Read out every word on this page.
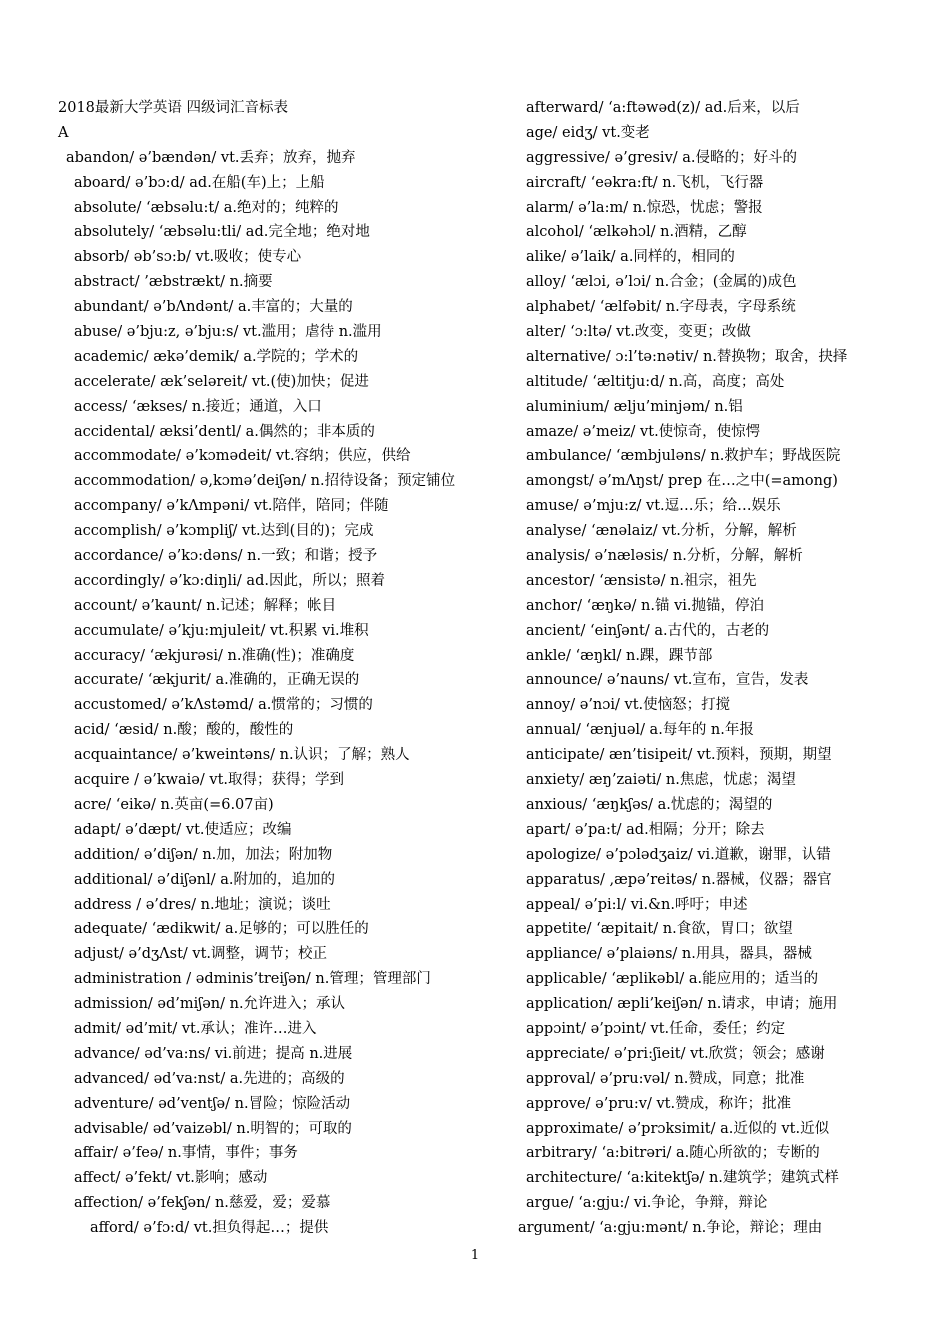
2018最新大学英语 四级词汇音标表
A
abandon/ ə’bændən/ vt.丢弃；放弃，抛弃
aboard/ ə’bɔ:d/ ad.在船(车)上；上船
absolute/ ‘æbsəlu:t/ a.绝对的；纯粹的
absolutely/ ‘æbsəlu:tli/ ad.完全地；绝对地
absorb/ əb’sɔ:b/ vt.吸收；使专心
abstract/ ’æbstrækt/ n.摘要
abundant/ ə’bΛndənt/ a.丰富的；大量的
abuse/ ə’bju:z, ə’bju:s/ vt.滥用；虐待 n.滥用
academic/ ækə’demik/ a.学院的；学术的
accelerate/ æk’seləreit/ vt.(使)加快；促进
access/ ‘ækses/ n.接近；通道，入口
accidental/ æksi’dentl/ a.偶然的；非本质的
accommodate/ ə’kɔmədeit/ vt.容纳；供应，供给
accommodation/ ə,kɔmə’deiʃən/ n.招待设备；预定铺位
accompany/ ə’kΛmpəni/ vt.陪伴，陪同；伴随
accomplish/ ə’kɔmpliʃ/ vt.达到(目的)；完成
accordance/ ə’kɔ:dəns/ n.一致；和谐；授予
accordingly/ ə’kɔ:diŋli/ ad.因此，所以；照着
account/ ə’kaunt/ n.记述；解释；帐目
accumulate/ ə’kju:mjuleit/ vt.积累 vi.堆积
accuracy/ ‘ækjurəsi/ n.准确(性)；准确度
accurate/ ‘ækjurit/ a.准确的，正确无误的
accustomed/ ə’kΛstəmd/ a.惯常的；习惯的
acid/ ‘æsid/ n.酸；酸的，酸性的
acquaintance/ ə’kweintəns/ n.认识；了解；熟人
acquire / ə’kwaiə/ vt.取得；获得；学到
acre/ ‘eikə/ n.英亩(=6.07亩)
adapt/ ə’dæpt/ vt.使适应；改编
addition/ ə’diʃən/ n.加，加法；附加物
additional/ ə’diʃənl/ a.附加的，追加的
address / ə’dres/ n.地址；演说；谈吐
adequate/ ‘ædikwit/ a.足够的；可以胜任的
adjust/ ə’dʒΛst/ vt.调整，调节；校正
administration / ədminis’treiʃən/ n.管理；管理部门
admission/ əd’miʃən/ n.允许进入；承认
admit/ əd’mit/ vt.承认；准许…进入
advance/ əd’va:ns/ vi.前进；提高 n.进展
advanced/ əd’va:nst/ a.先进的；高级的
adventure/ əd’ventʃə/ n.冒险；惊险活动
advisable/ əd’vaizəbl/ n.明智的；可取的
affair/ ə’feə/ n.事情，事件；事务
affect/ ə’fekt/ vt.影响；感动
affection/ ə’fekʃən/ n.慈爱，爱；爱慕
afford/ ə’fɔ:d/ vt.担负得起…；提供
afterward/ ‘a:ftəwəd(z)/ ad.后来，以后
age/ eidʒ/ vt.变老
aggressive/ ə’gresiv/ a.侵略的；好斗的
aircraft/ ‘eəkra:ft/ n.飞机，飞行器
alarm/ ə’la:m/ n.惊恐，忧虑；警报
alcohol/ ‘ælkəhɔl/ n.酒精，乙醇
alike/ ə’laik/ a.同样的，相同的
alloy/ ‘ælɔi, ə’lɔi/ n.合金；(金属的)成色
alphabet/ ‘ælfəbit/ n.字母表，字母系统
alter/ ‘ɔ:ltə/ vt.改变，变更；改做
alternative/ ɔ:l’tə:nətiv/ n.替换物；取舍，抉择
altitude/ ‘æltitju:d/ n.高，高度；高处
aluminium/ ælju’minjəm/ n.铝
amaze/ ə’meiz/ vt.使惊奇，使惊愕
ambulance/ ‘æmbjuləns/ n.救护车；野战医院
amongst/ ə’mΛŋst/ prep 在…之中(=among)
amuse/ ə’mju:z/ vt.逗…乐；给…娱乐
analyse/ ‘ænəlaiz/ vt.分析，分解，解析
analysis/ ə’næləsis/ n.分析，分解，解析
ancestor/ ‘ænsistə/ n.祖宗，祖先
anchor/ ‘æŋkə/ n.锚 vi.抛锚，停泊
ancient/ ‘einʃənt/ a.古代的，古老的
ankle/ ‘æŋkl/ n.踝，踝节部
announce/ ə’nauns/ vt.宣布，宣告，发表
annoy/ ə’nɔi/ vt.使恼怒；打搅
annual/ ‘ænjuəl/ a.每年的 n.年报
anticipate/ æn’tisipeit/ vt.预料，预期，期望
anxiety/ æŋ’zaiəti/ n.焦虑，忧虑；渴望
anxious/ ‘æŋkʃəs/ a.忧虑的；渴望的
apart/ ə’pa:t/ ad.相隔；分开；除去
apologize/ ə’pɔlədʒaiz/ vi.道歉，谢罪，认错
apparatus/ ,æpə’reitəs/ n.器械，仪器；器官
appeal/ ə’pi:l/ vi.&n.呼吁；申述
appetite/ ‘æpitait/ n.食欲，胃口；欲望
appliance/ ə’plaiəns/ n.用具，器具，器械
applicable/ ‘æplikəbl/ a.能应用的；适当的
application/ æpli’keiʃən/ n.请求，申请；施用
appɔint/ ə’pɔint/ vt.任命，委任；约定
appreciate/ ə’pri:ʃieit/ vt.欣赏；领会；感谢
approval/ ə’pru:vəl/ n.赞成，同意；批准
approve/ ə’pru:v/ vt.赞成，称许；批准
approximate/ ə’prɔksimit/ a.近似的 vt.近似
arbitrary/ ‘a:bitrəri/ a.随心所欲的；专断的
architecture/ ‘a:kitektʃə/ n.建筑学；建筑式样
argue/ ‘a:gju:/ vi.争论，争辩，辩论
argument/ ‘a:gju:mənt/ n.争论，辩论；理由
1
